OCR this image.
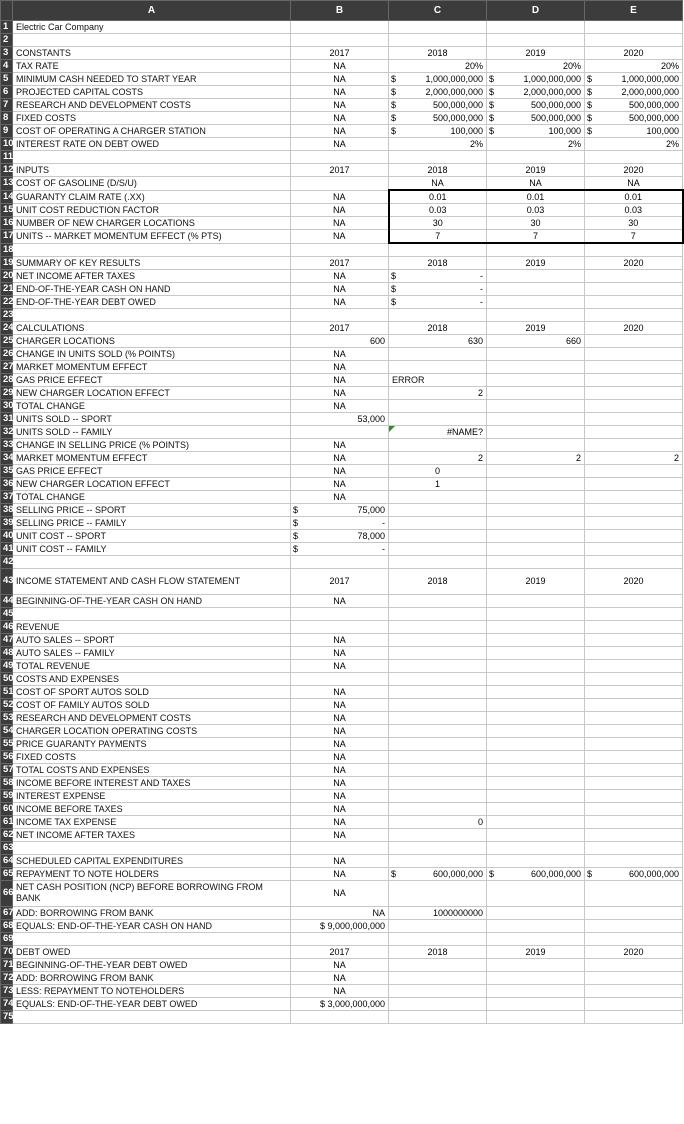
	A	B	C	D	E
1	Electric Car Company				
2					
3	CONSTANTS	2017	2018	2019	2020
4	TAX RATE	NA	20%	20%	20%
5	MINIMUM CASH NEEDED TO START YEAR	NA	$ 1,000,000,000	$ 1,000,000,000	$ 1,000,000,000

6	PROJECTED CAPITAL COSTS	NA	$ 2,000,000,000	$ 2,000,000,000	$ 2,000,000,000

7	RESEARCH AND DEVELOPMENT COSTS	NA	$ 500,000,000	$ 500,000,000	$ 500,000,000

8	FIXED COSTS	NA	$ 500,000,000	$ 500,000,000	$ 500,000,000

9	COST OF OPERATING A CHARGER STATION	NA	$ 100,000	$ 100,000	$ 100,000

10	INTEREST RATE ON DEBT OWED	NA	2%	2%	2%
11					
12	INPUTS	2017	2018	2019	2020
13	COST OF GASOLINE (D/S/U)		NA	NA	NA
14	GUARANTY CLAIM RATE (.XX)	NA	0.01	0.01	0.01
15	UNIT COST REDUCTION FACTOR	NA	0.03	0.03	0.03
16	NUMBER OF NEW CHARGER LOCATIONS	NA	30	30	30
17	UNITS -- MARKET MOMENTUM EFFECT (% PTS)	NA	7	7	7
18					
19	SUMMARY OF KEY RESULTS	2017	2018	2019	2020
20	NET INCOME AFTER TAXES	NA	$ -		

21	END-OF-THE-YEAR CASH ON HAND	NA	$ -		

22	END-OF-THE-YEAR DEBT OWED	NA	$ -		

23					
24	CALCULATIONS	2017	2018	2019	2020
25	CHARGER LOCATIONS	600	630	660	
26	CHANGE IN UNITS SOLD (% POINTS)	NA			
27	MARKET MOMENTUM EFFECT	NA			
28	GAS PRICE EFFECT	NA	ERROR		
29	NEW CHARGER LOCATION EFFECT	NA	2		
30	TOTAL CHANGE	NA			
31	UNITS SOLD -- SPORT	53,000			
32	UNITS SOLD -- FAMILY		#NAME?		
33	CHANGE IN SELLING PRICE (% POINTS)	NA			
34	MARKET MOMENTUM EFFECT	NA	2	2	2
35	GAS PRICE EFFECT	NA	0		
36	NEW CHARGER LOCATION EFFECT	NA	1		
37	TOTAL CHANGE	NA			
38	SELLING PRICE -- SPORT	$ 75,000			

39	SELLING PRICE -- FAMILY	$ -			

40	UNIT COST -- SPORT	$ 78,000			

41	UNIT COST -- FAMILY	$ -			

42					
43	INCOME STATEMENT AND CASH FLOW STATEMENT	2017	2018	2019	2020
44	BEGINNING-OF-THE-YEAR CASH ON HAND	NA			
45					
46	REVENUE				
47	AUTO SALES -- SPORT	NA			
48	AUTO SALES -- FAMILY	NA			
49	TOTAL REVENUE	NA			
50	COSTS AND EXPENSES				
51	COST OF SPORT AUTOS SOLD	NA			
52	COST OF FAMILY AUTOS SOLD	NA			
53	RESEARCH AND DEVELOPMENT COSTS	NA			
54	CHARGER LOCATION OPERATING COSTS	NA			
55	PRICE GUARANTY PAYMENTS	NA			
56	FIXED COSTS	NA			
57	TOTAL COSTS AND EXPENSES	NA			
58	INCOME BEFORE INTEREST AND TAXES	NA			
59	INTEREST EXPENSE	NA			
60	INCOME BEFORE TAXES	NA			
61	INCOME TAX EXPENSE	NA	0		
62	NET INCOME AFTER TAXES	NA			
63					
64	SCHEDULED CAPITAL EXPENDITURES	NA			
65	REPAYMENT TO NOTE HOLDERS	NA	$ 600,000,000	$ 600,000,000	$ 600,000,000

66	NET CASH POSITION (NCP) BEFORE BORROWING FROM BANK	NA			
67	ADD: BORROWING FROM BANK	NA	1000000000		
68	EQUALS: END-OF-THE-YEAR CASH ON HAND	$ 9,000,000,000			
69					
70	DEBT OWED	2017	2018	2019	2020
71	BEGINNING-OF-THE-YEAR DEBT OWED	NA			
72	ADD: BORROWING FROM BANK	NA			
73	LESS: REPAYMENT TO NOTEHOLDERS	NA			
74	EQUALS: END-OF-THE-YEAR DEBT OWED	$ 3,000,000,000			
75					
